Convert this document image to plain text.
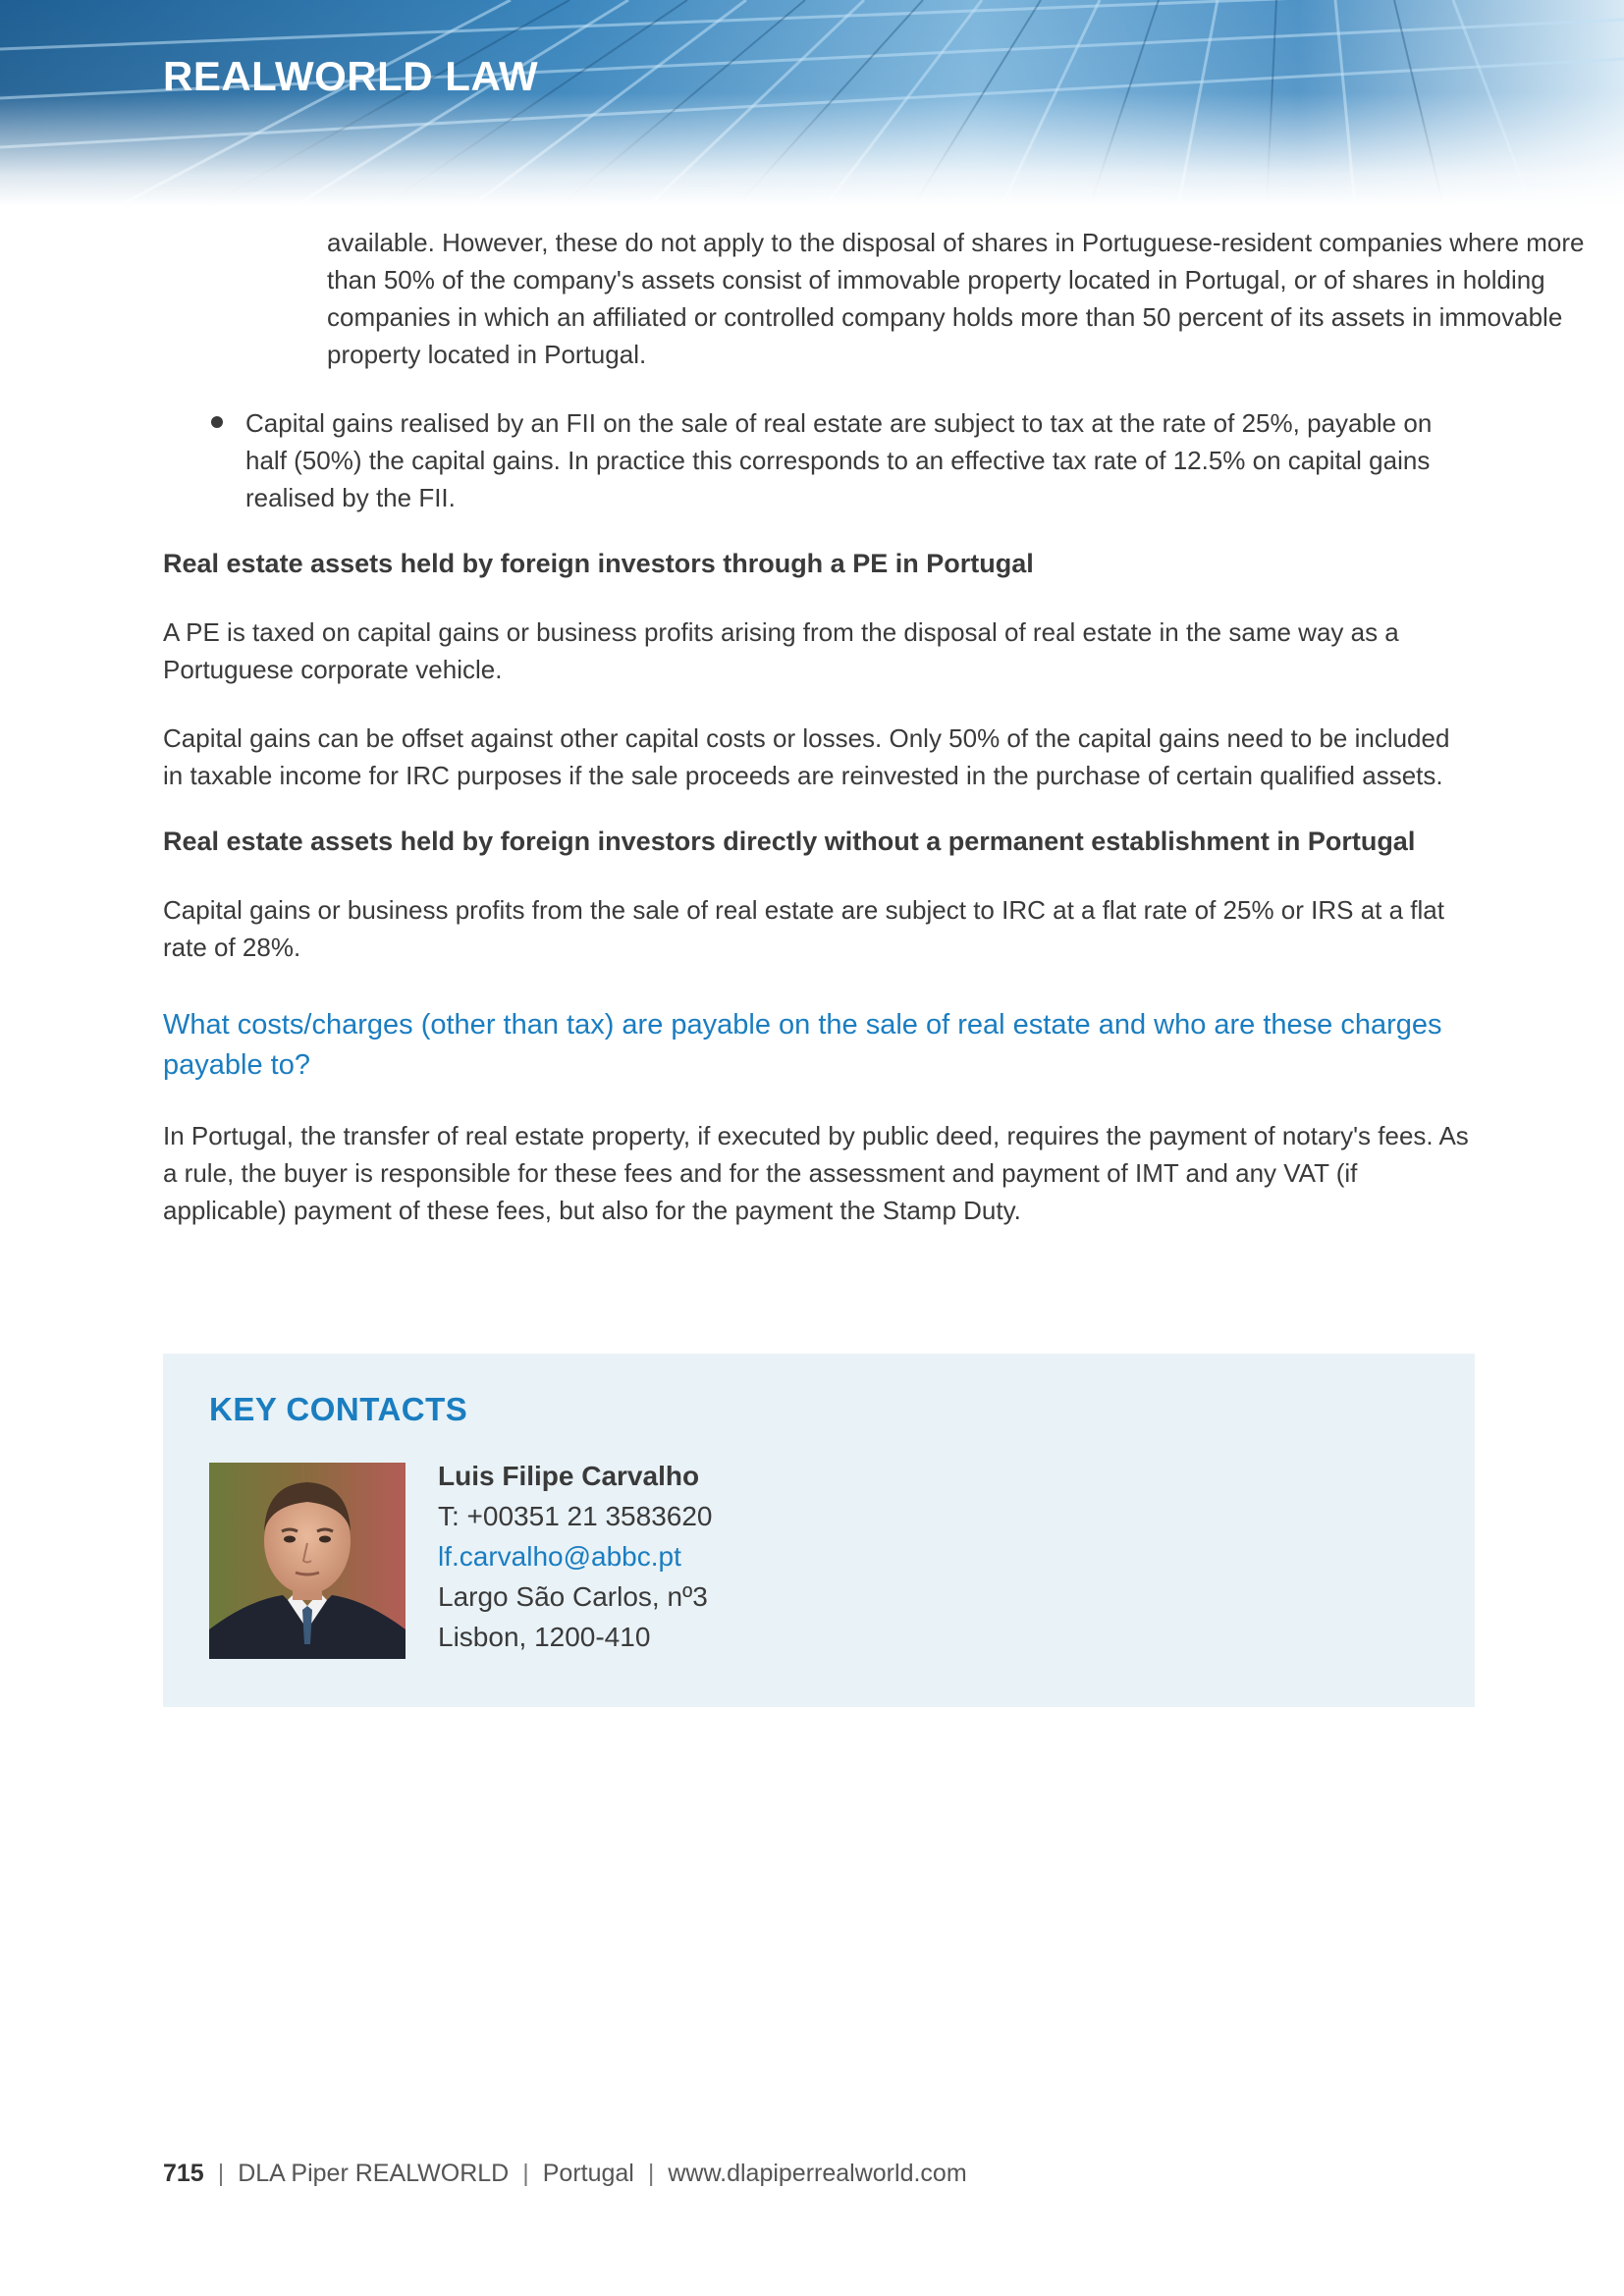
REALWORLD LAW

available. However, these do not apply to the disposal of shares in Portuguese-resident companies where more than 50% of the company's assets consist of immovable property located in Portugal, or of shares in holding companies in which an affiliated or controlled company holds more than 50 percent of its assets in immovable property located in Portugal.

Capital gains realised by an FII on the sale of real estate are subject to tax at the rate of 25%, payable on half (50%) the capital gains. In practice this corresponds to an effective tax rate of 12.5% on capital gains realised by the FII.

Real estate assets held by foreign investors through a PE in Portugal

A PE is taxed on capital gains or business profits arising from the disposal of real estate in the same way as a Portuguese corporate vehicle.

Capital gains can be offset against other capital costs or losses. Only 50% of the capital gains need to be included in taxable income for IRC purposes if the sale proceeds are reinvested in the purchase of certain qualified assets.

Real estate assets held by foreign investors directly without a permanent establishment in Portugal

Capital gains or business profits from the sale of real estate are subject to IRC at a flat rate of 25% or IRS at a flat rate of 28%.

What costs/charges (other than tax) are payable on the sale of real estate and who are these charges payable to?

In Portugal, the transfer of real estate property, if executed by public deed, requires the payment of notary's fees. As a rule, the buyer is responsible for these fees and for the assessment and payment of IMT and any VAT (if applicable) payment of these fees, but also for the payment the Stamp Duty.

KEY CONTACTS
Luis Filipe Carvalho
T: +00351 21 3583620
lf.carvalho@abbc.pt
Largo São Carlos, nº3
Lisbon, 1200-410
715 | DLA Piper REALWORLD | Portugal | www.dlapiperrealworld.com
